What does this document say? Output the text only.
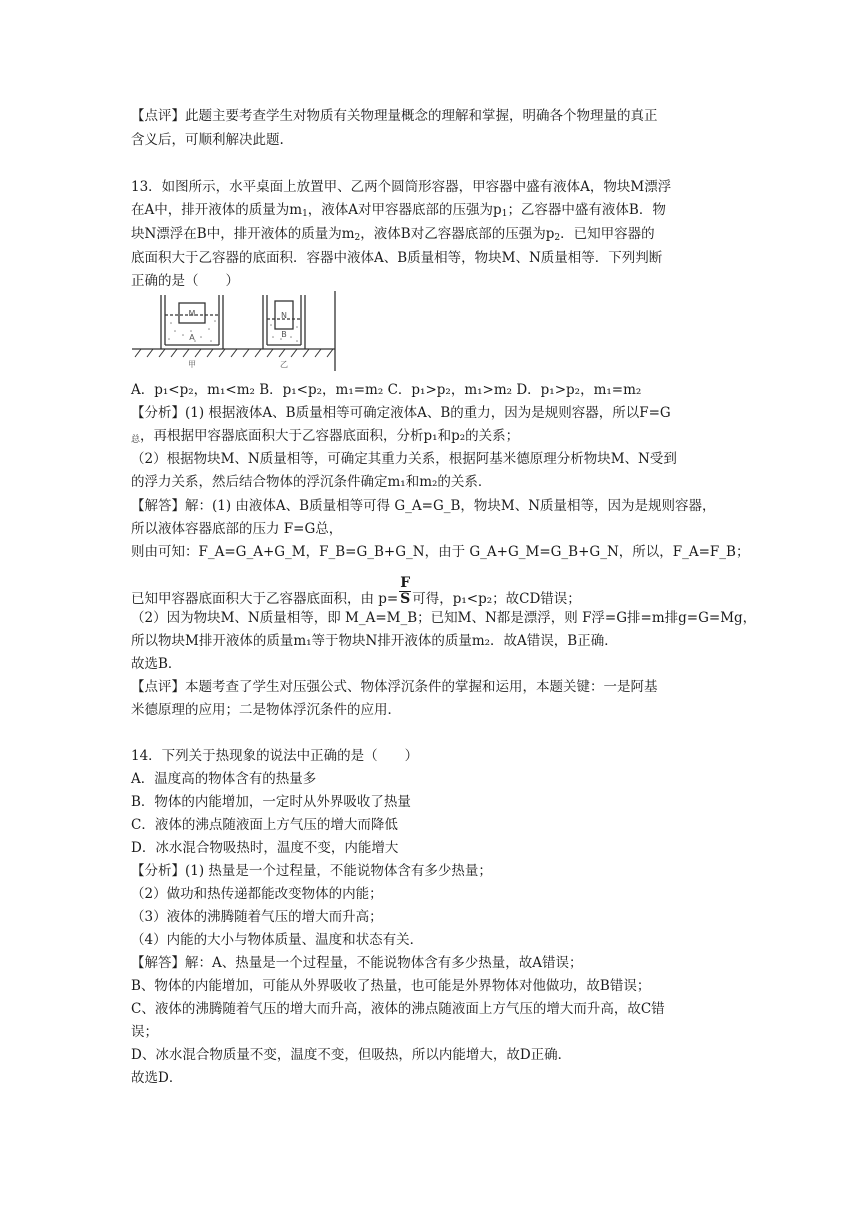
【点评】此题主要考查学生对物质有关物理量概念的理解和掌握，明确各个物理量的真正
含义后，可顺利解决此题.
13．如图所示，水平桌面上放置甲、乙两个圆筒形容器，甲容器中盛有液体A，物块M漂浮
在A中，排开液体的质量为$m_1$，液体A对甲容器底部的压强为$p_1$；乙容器中盛有液体B．物
块N漂浮在B中，排开液体的质量为$m_2$，液体B对乙容器底部的压强为$p_2$．已知甲容器的
底面积大于乙容器的底面积．容器中液体A、B质量相等，物块M、N质量相等．下列判断
正确的是（　　）
M
A
N
B
甲	乙
A．p₁<p₂，m₁<m₂ B．p₁<p₂，m₁=m₂ C．p₁>p₂，m₁>m₂ D．p₁>p₂，m₁=m₂
【分析】(1) 根据液体A、B质量相等可确定液体A、B的重力，因为是规则容器，所以F=G
$_总$，再根据甲容器底面积大于乙容器底面积，分析p₁和p₂的关系；
（2）根据物块M、N质量相等，可确定其重力关系，根据阿基米德原理分析物块M、N受到
的浮力关系，然后结合物体的浮沉条件确定m₁和m₂的关系．
【解答】解：(1) 由液体A、B质量相等可得 G_A=G_B，物块M、N质量相等，因为是规则容器，
所以液体容器底部的压力 F=G总，
则由可知：F_A=G_A+G_M，F_B=G_B+G_N，由于 G_A+G_M=G_B+G_N，所以，F_A=F_B；
已知甲容器底面积大于乙容器底面积，由 $p= \frac{F}{S}$ 可得，p₁<p₂；故CD错误；
（2）因为物块M、N质量相等，即 M_A=M_B；已知M、N都是漂浮，则 F浮=G排=m排g=G=Mg，
所以物块M排开液体的质量m₁等于物块N排开液体的质量m₂．故A错误，B正确．
故选B．
【点评】本题考查了学生对压强公式、物体浮沉条件的掌握和运用，本题关键：一是阿基
米德原理的应用；二是物体浮沉条件的应用．
14．下列关于热现象的说法中正确的是（　　）
A．温度高的物体含有的热量多
B．物体的内能增加，一定时从外界吸收了热量
C．液体的沸点随液面上方气压的增大而降低
D．冰水混合物吸热时，温度不变，内能增大
【分析】(1) 热量是一个过程量，不能说物体含有多少热量；
（2）做功和热传递都能改变物体的内能；
（3）液体的沸腾随着气压的增大而升高；
（4）内能的大小与物体质量、温度和状态有关．
【解答】解：A、热量是一个过程量，不能说物体含有多少热量，故A错误；
B、物体的内能增加，可能从外界吸收了热量，也可能是外界物体对他做功，故B错误；
C、液体的沸腾随着气压的增大而升高，液体的沸点随液面上方气压的增大而升高，故C错
误；
D、冰水混合物质量不变，温度不变，但吸热，所以内能增大，故D正确．
故选D．
